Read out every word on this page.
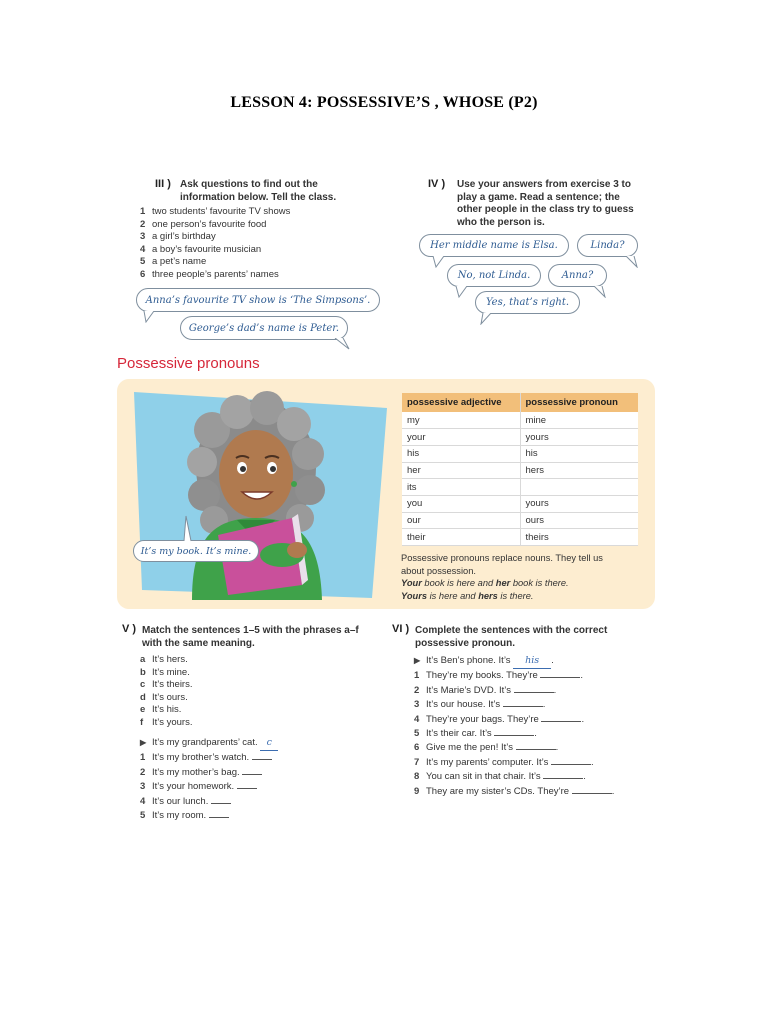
LESSON 4: POSSESSIVE’S , WHOSE (P2)
III ) Ask questions to find out the
information below. Tell the class.
1 two students’ favourite TV shows
2 one person’s favourite food
3 a girl’s birthday
4 a boy’s favourite musician
5 a pet’s name
6 three people’s parents’ names
Anna’s favourite TV show is ‘The Simpsons’.
George’s dad’s name is Peter.
IV ) Use your answers from exercise 3 to
play a game. Read a sentence; the
other people in the class try to guess
who the person is.
Her middle name is Elsa.	Linda?
No, not Linda.	Anna?
Yes, that’s right.
Possessive pronouns
It’s my book. It’s mine.
possessive adjective	possessive pronoun
my	mine
your	yours
his	his
her	hers
its	
you	yours
our	ours
their	theirs
Possessive pronouns replace nouns. They tell us
about possession.
Your book is here and her book is there.
Yours is here and hers is there.
V ) Match the sentences 1–5 with the phrases a–f
with the same meaning.
a It’s hers.
b It’s mine.
c It’s theirs.
d It’s ours.
e It’s his.
f It’s yours.
▶ It’s my grandparents’ cat. c
1 It’s my brother’s watch.
2 It’s my mother’s bag.
3 It’s your homework.
4 It’s our lunch.
5 It’s my room.
VI ) Complete the sentences with the correct
possessive pronoun.
▶ It’s Ben’s phone. It’s his .
1 They’re my books. They’re	.
2 It’s Marie’s DVD. It’s	.
3 It’s our house. It’s	.
4 They’re your bags. They’re	.
5 It’s their car. It’s	.
6 Give me the pen! It’s	.
7 It’s my parents’ computer. It’s	.
8 You can sit in that chair. It’s	.
9 They are my sister’s CDs. They’re	.
